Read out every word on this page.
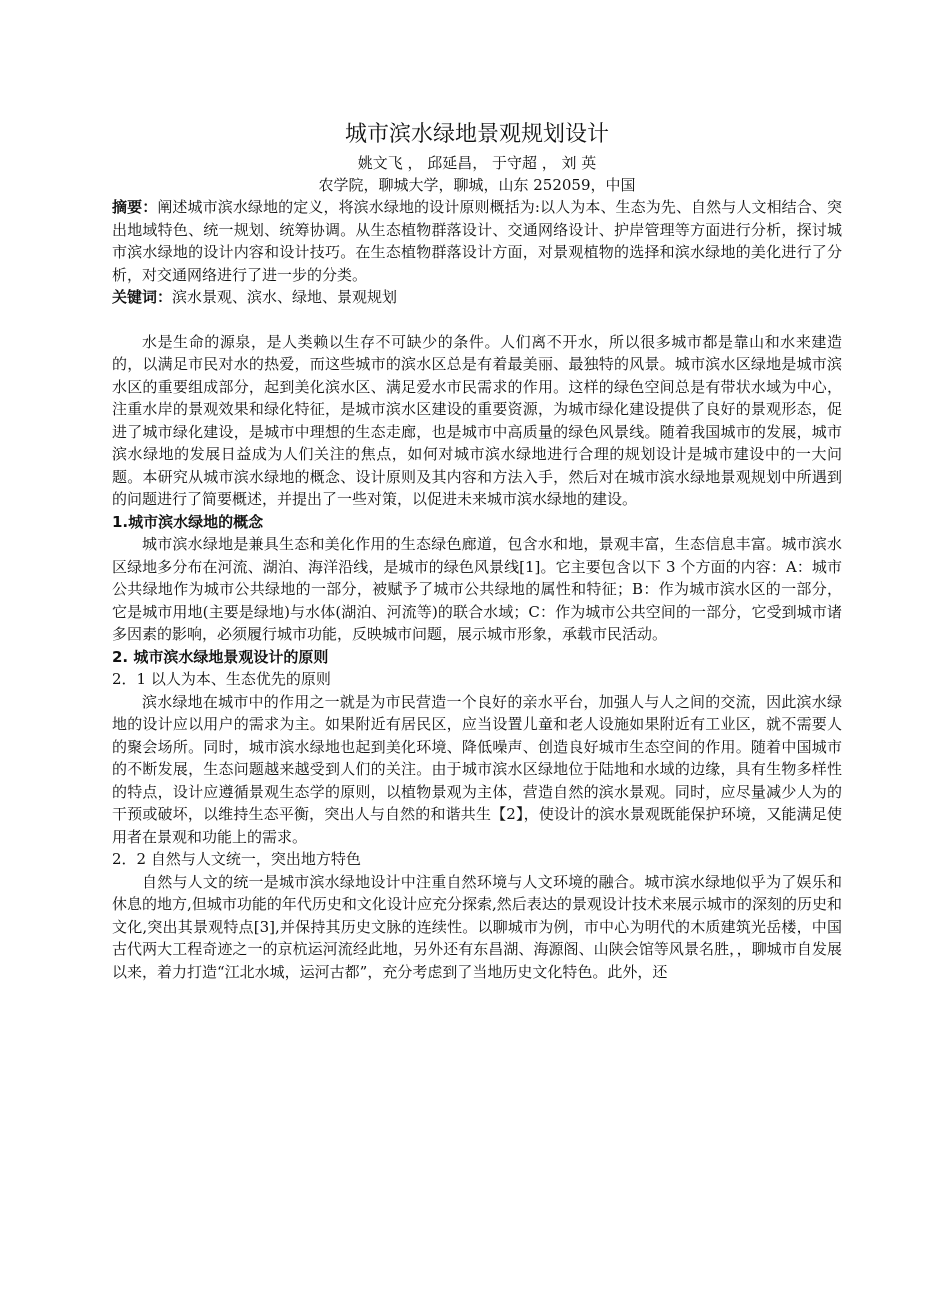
城市滨水绿地景观规划设计

姚文飞 ， 邱延昌， 于守超 ， 刘 英

农学院，聊城大学，聊城，山东 252059，中国

摘要：阐述城市滨水绿地的定义，将滨水绿地的设计原则概括为:以人为本、生态为先、自然与人文相结合、突出地域特色、统一规划、统筹协调。从生态植物群落设计、交通网络设计、护岸管理等方面进行分析，探讨城市滨水绿地的设计内容和设计技巧。在生态植物群落设计方面，对景观植物的选择和滨水绿地的美化进行了分析，对交通网络进行了进一步的分类。

关键词：滨水景观、滨水、绿地、景观规划

水是生命的源泉，是人类赖以生存不可缺少的条件。人们离不开水，所以很多城市都是靠山和水来建造的，以满足市民对水的热爱，而这些城市的滨水区总是有着最美丽、最独特的风景。城市滨水区绿地是城市滨水区的重要组成部分，起到美化滨水区、满足爱水市民需求的作用。这样的绿色空间总是有带状水域为中心，注重水岸的景观效果和绿化特征，是城市滨水区建设的重要资源，为城市绿化建设提供了良好的景观形态，促进了城市绿化建设，是城市中理想的生态走廊，也是城市中高质量的绿色风景线。随着我国城市的发展，城市滨水绿地的发展日益成为人们关注的焦点，如何对城市滨水绿地进行合理的规划设计是城市建设中的一大问题。本研究从城市滨水绿地的概念、设计原则及其内容和方法入手，然后对在城市滨水绿地景观规划中所遇到的问题进行了简要概述，并提出了一些对策，以促进未来城市滨水绿地的建设。

1.城市滨水绿地的概念

城市滨水绿地是兼具生态和美化作用的生态绿色廊道，包含水和地，景观丰富，生态信息丰富。城市滨水区绿地多分布在河流、湖泊、海洋沿线，是城市的绿色风景线[1]。它主要包含以下 3 个方面的内容：A：城市公共绿地作为城市公共绿地的一部分，被赋予了城市公共绿地的属性和特征；B：作为城市滨水区的一部分，它是城市用地(主要是绿地)与水体(湖泊、河流等)的联合水域；C：作为城市公共空间的一部分，它受到城市诸多因素的影响，必须履行城市功能，反映城市问题，展示城市形象，承载市民活动。

2. 城市滨水绿地景观设计的原则

2．1 以人为本、生态优先的原则

滨水绿地在城市中的作用之一就是为市民营造一个良好的亲水平台，加强人与人之间的交流，因此滨水绿地的设计应以用户的需求为主。如果附近有居民区，应当设置儿童和老人设施如果附近有工业区，就不需要人的聚会场所。同时，城市滨水绿地也起到美化环境、降低噪声、创造良好城市生态空间的作用。随着中国城市的不断发展，生态问题越来越受到人们的关注。由于城市滨水区绿地位于陆地和水域的边缘，具有生物多样性的特点，设计应遵循景观生态学的原则，以植物景观为主体，营造自然的滨水景观。同时，应尽量减少人为的干预或破坏，以维持生态平衡，突出人与自然的和谐共生【2】，使设计的滨水景观既能保护环境，又能满足使用者在景观和功能上的需求。

2．2 自然与人文统一，突出地方特色

自然与人文的统一是城市滨水绿地设计中注重自然环境与人文环境的融合。城市滨水绿地似乎为了娱乐和休息的地方,但城市功能的年代历史和文化设计应充分探索,然后表达的景观设计技术来展示城市的深刻的历史和文化,突出其景观特点[3],并保持其历史文脉的连续性。以聊城市为例，市中心为明代的木质建筑光岳楼，中国古代两大工程奇迹之一的京杭运河流经此地，另外还有东昌湖、海源阁、山陕会馆等风景名胜，，聊城市自发展以来，着力打造“江北水城，运河古都”，充分考虑到了当地历史文化特色。此外，还
